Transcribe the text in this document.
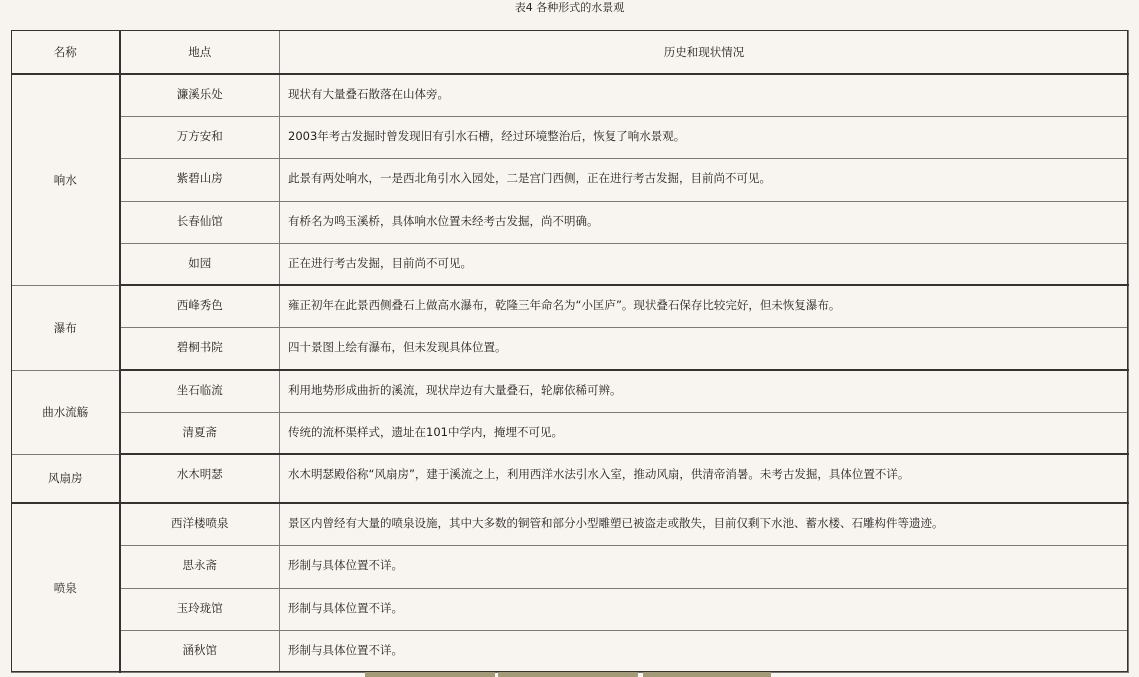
表4 各种形式的水景观
名称	地点	历史和现状情况
响水	濂溪乐处	现状有大量叠石散落在山体旁。
	万方安和	2003年考古发掘时曾发现旧有引水石槽，经过环境整治后，恢复了响水景观。
	紫碧山房	此景有两处响水，一是西北角引水入园处，二是宫门西侧，正在进行考古发掘，目前尚不可见。
	长春仙馆	有桥名为鸣玉溪桥，具体响水位置未经考古发掘，尚不明确。
	如园	正在进行考古发掘，目前尚不可见。
瀑布	西峰秀色	雍正初年在此景西侧叠石上做高水瀑布，乾隆三年命名为“小匡庐”。现状叠石保存比较完好，但未恢复瀑布。
	碧桐书院	四十景图上绘有瀑布，但未发现具体位置。
曲水流觞	坐石临流	利用地势形成曲折的溪流，现状岸边有大量叠石，轮廓依稀可辨。
	清夏斋	传统的流杯渠样式，遗址在101中学内，掩埋不可见。
风扇房	水木明瑟	水木明瑟殿俗称“风扇房”，建于溪流之上，利用西洋水法引水入室，推动风扇，供清帝消暑。未考古发掘，具体位置不详。
喷泉	西洋楼喷泉	景区内曾经有大量的喷泉设施，其中大多数的铜管和部分小型雕塑已被盗走或散失，目前仅剩下水池、蓄水楼、石雕构件等遗迹。
	思永斋	形制与具体位置不详。
	玉玲珑馆	形制与具体位置不详。
	涵秋馆	形制与具体位置不详。
